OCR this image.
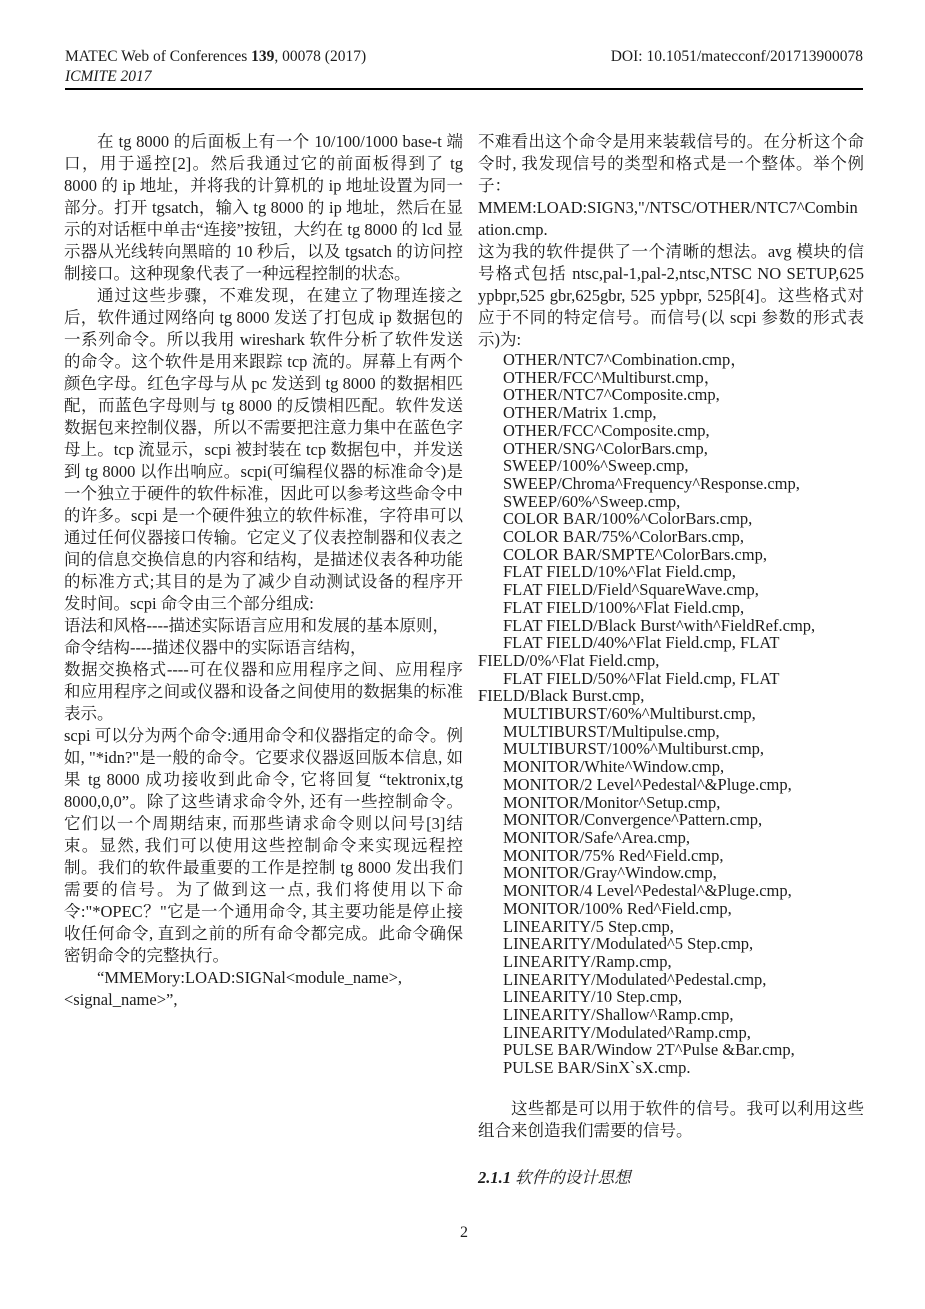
MATEC Web of Conferences 139, 00078 (2017)
ICMITE 2017
DOI: 10.1051/matecconf/201713900078

在 tg 8000 的后面板上有一个 10/100/1000 base-t 端口，用于遥控[2]。然后我通过它的前面板得到了 tg 8000 的 ip 地址，并将我的计算机的 ip 地址设置为同一部分。打开 tgsatch，输入 tg 8000 的 ip 地址，然后在显示的对话框中单击“连接”按钮，大约在 tg 8000 的 lcd 显示器从光线转向黑暗的 10 秒后，以及 tgsatch 的访问控制接口。这种现象代表了一种远程控制的状态。

通过这些步骤，不难发现，在建立了物理连接之后，软件通过网络向 tg 8000 发送了打包成 ip 数据包的一系列命令。所以我用 wireshark 软件分析了软件发送的命令。这个软件是用来跟踪 tcp 流的。屏幕上有两个颜色字母。红色字母与从 pc 发送到 tg 8000 的数据相匹配，而蓝色字母则与 tg 8000 的反馈相匹配。软件发送数据包来控制仪器，所以不需要把注意力集中在蓝色字母上。tcp 流显示，scpi 被封装在 tcp 数据包中，并发送到 tg 8000 以作出响应。scpi(可编程仪器的标准命令)是一个独立于硬件的软件标准，因此可以参考这些命令中的许多。scpi 是一个硬件独立的软件标准，字符串可以通过任何仪器接口传输。它定义了仪表控制器和仪表之间的信息交换信息的内容和结构，是描述仪表各种功能的标准方式;其目的是为了减少自动测试设备的程序开发时间。scpi 命令由三个部分组成:

语法和风格----描述实际语言应用和发展的基本原则，

命令结构----描述仪器中的实际语言结构，

数据交换格式----可在仪器和应用程序之间、应用程序和应用程序之间或仪器和设备之间使用的数据集的标准表示。

scpi 可以分为两个命令:通用命令和仪器指定的命令。例如, "*idn?"是一般的命令。它要求仪器返回版本信息, 如果 tg 8000 成功接收到此命令, 它将回复 “tektronix,tg 8000,0,0”。除了这些请求命令外, 还有一些控制命令。它们以一个周期结束, 而那些请求命令则以问号[3]结束。显然, 我们可以使用这些控制命令来实现远程控制。我们的软件最重要的工作是控制 tg 8000 发出我们需要的信号。为了做到这一点, 我们将使用以下命令:"*OPEC？"它是一个通用命令, 其主要功能是停止接收任何命令, 直到之前的所有命令都完成。此命令确保密钥命令的完整执行。

“MMEMory:LOAD:SIGNal<module_name>,<signal_name>”,

不难看出这个命令是用来装载信号的。在分析这个命令时, 我发现信号的类型和格式是一个整体。举个例子：

MMEM:LOAD:SIGN3,"/NTSC/OTHER/NTC7^Combination.cmp.

这为我的软件提供了一个清晰的想法。avg 模块的信号格式包括 ntsc,pal-1,pal-2,ntsc,NTSC NO SETUP,625 ypbpr,525 gbr,625gbr, 525 ypbpr, 525β[4]。这些格式对应于不同的特定信号。而信号(以 scpi 参数的形式表示)为:

OTHER/NTC7^Combination.cmp，
OTHER/FCC^Multiburst.cmp，
OTHER/NTC7^Composite.cmp,
OTHER/Matrix 1.cmp,
OTHER/FCC^Composite.cmp,
OTHER/SNG^ColorBars.cmp,
SWEEP/100%^Sweep.cmp,
SWEEP/Chroma^Frequency^Response.cmp,
SWEEP/60%^Sweep.cmp,
COLOR BAR/100%^ColorBars.cmp,
COLOR BAR/75%^ColorBars.cmp,
COLOR BAR/SMPTE^ColorBars.cmp,
FLAT FIELD/10%^Flat Field.cmp,
FLAT FIELD/Field^SquareWave.cmp,
FLAT FIELD/100%^Flat Field.cmp,
FLAT FIELD/Black Burst^with^FieldRef.cmp,
FLAT FIELD/40%^Flat Field.cmp, FLAT FIELD/0%^Flat Field.cmp,
FLAT FIELD/50%^Flat Field.cmp, FLAT FIELD/Black Burst.cmp,
MULTIBURST/60%^Multiburst.cmp,
MULTIBURST/Multipulse.cmp,
MULTIBURST/100%^Multiburst.cmp,
MONITOR/White^Window.cmp,
MONITOR/2 Level^Pedestal^&Pluge.cmp,
MONITOR/Monitor^Setup.cmp,
MONITOR/Convergence^Pattern.cmp,
MONITOR/Safe^Area.cmp,
MONITOR/75% Red^Field.cmp,
MONITOR/Gray^Window.cmp,
MONITOR/4 Level^Pedestal^&Pluge.cmp,
MONITOR/100% Red^Field.cmp,
LINEARITY/5 Step.cmp,
LINEARITY/Modulated^5 Step.cmp,
LINEARITY/Ramp.cmp,
LINEARITY/Modulated^Pedestal.cmp,
LINEARITY/10 Step.cmp,
LINEARITY/Shallow^Ramp.cmp,
LINEARITY/Modulated^Ramp.cmp,
PULSE BAR/Window 2T^Pulse &Bar.cmp,
PULSE BAR/SinX`sX.cmp.

这些都是可以用于软件的信号。我可以利用这些组合来创造我们需要的信号。

2.1.1 软件的设计思想
2
